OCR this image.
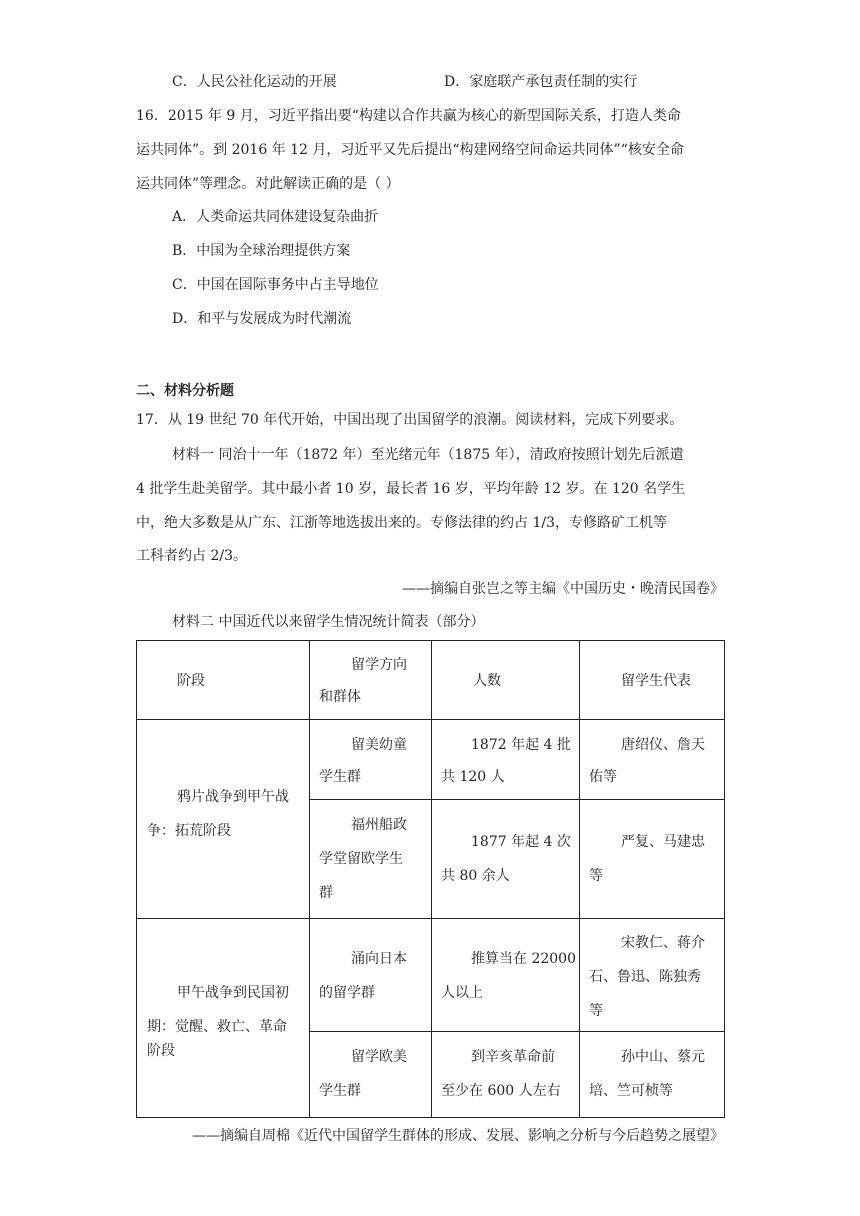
C．人民公社化运动的开展	D．家庭联产承包责任制的实行
16．2015 年 9 月，习近平指出要“构建以合作共赢为核心的新型国际关系，打造人类命
运共同体”。到 2016 年 12 月，习近平又先后提出“构建网络空间命运共同体”“核安全命
运共同体”等理念。对此解读正确的是（ ）
A．人类命运共同体建设复杂曲折
B．中国为全球治理提供方案
C．中国在国际事务中占主导地位
D．和平与发展成为时代潮流
二、材料分析题
17．从 19 世纪 70 年代开始，中国出现了出国留学的浪潮。阅读材料，完成下列要求。
材料一 同治十一年（1872 年）至光绪元年（1875 年），清政府按照计划先后派遣
4 批学生赴美留学。其中最小者 10 岁，最长者 16 岁，平均年龄 12 岁。在 120 名学生
中，绝大多数是从广东、江浙等地选拔出来的。专修法律的约占 1/3，专修路矿工机等
工科者约占 2/3。
——摘编自张岂之等主编《中国历史・晚清民国卷》
材料二 中国近代以来留学生情况统计简表（部分）
阶段
留学方向
和群体
人数	留学生代表
鸦片战争到甲午战
争：拓荒阶段
留美幼童
学生群
1872 年起 4 批
共 120 人
唐绍仪、詹天
佑等
福州船政
学堂留欧学生
群
1877 年起 4 次
共 80 余人
严复、马建忠
等
甲午战争到民国初
期：觉醒、救亡、革命
阶段
涌向日本
的留学群
推算当在 22000
人以上
宋教仁、蒋介
石、鲁迅、陈独秀
等
留学欧美
学生群
到辛亥革命前
至少在 600 人左右
孙中山、蔡元
培、竺可桢等
——摘编自周棉《近代中国留学生群体的形成、发展、影响之分析与今后趋势之展望》
